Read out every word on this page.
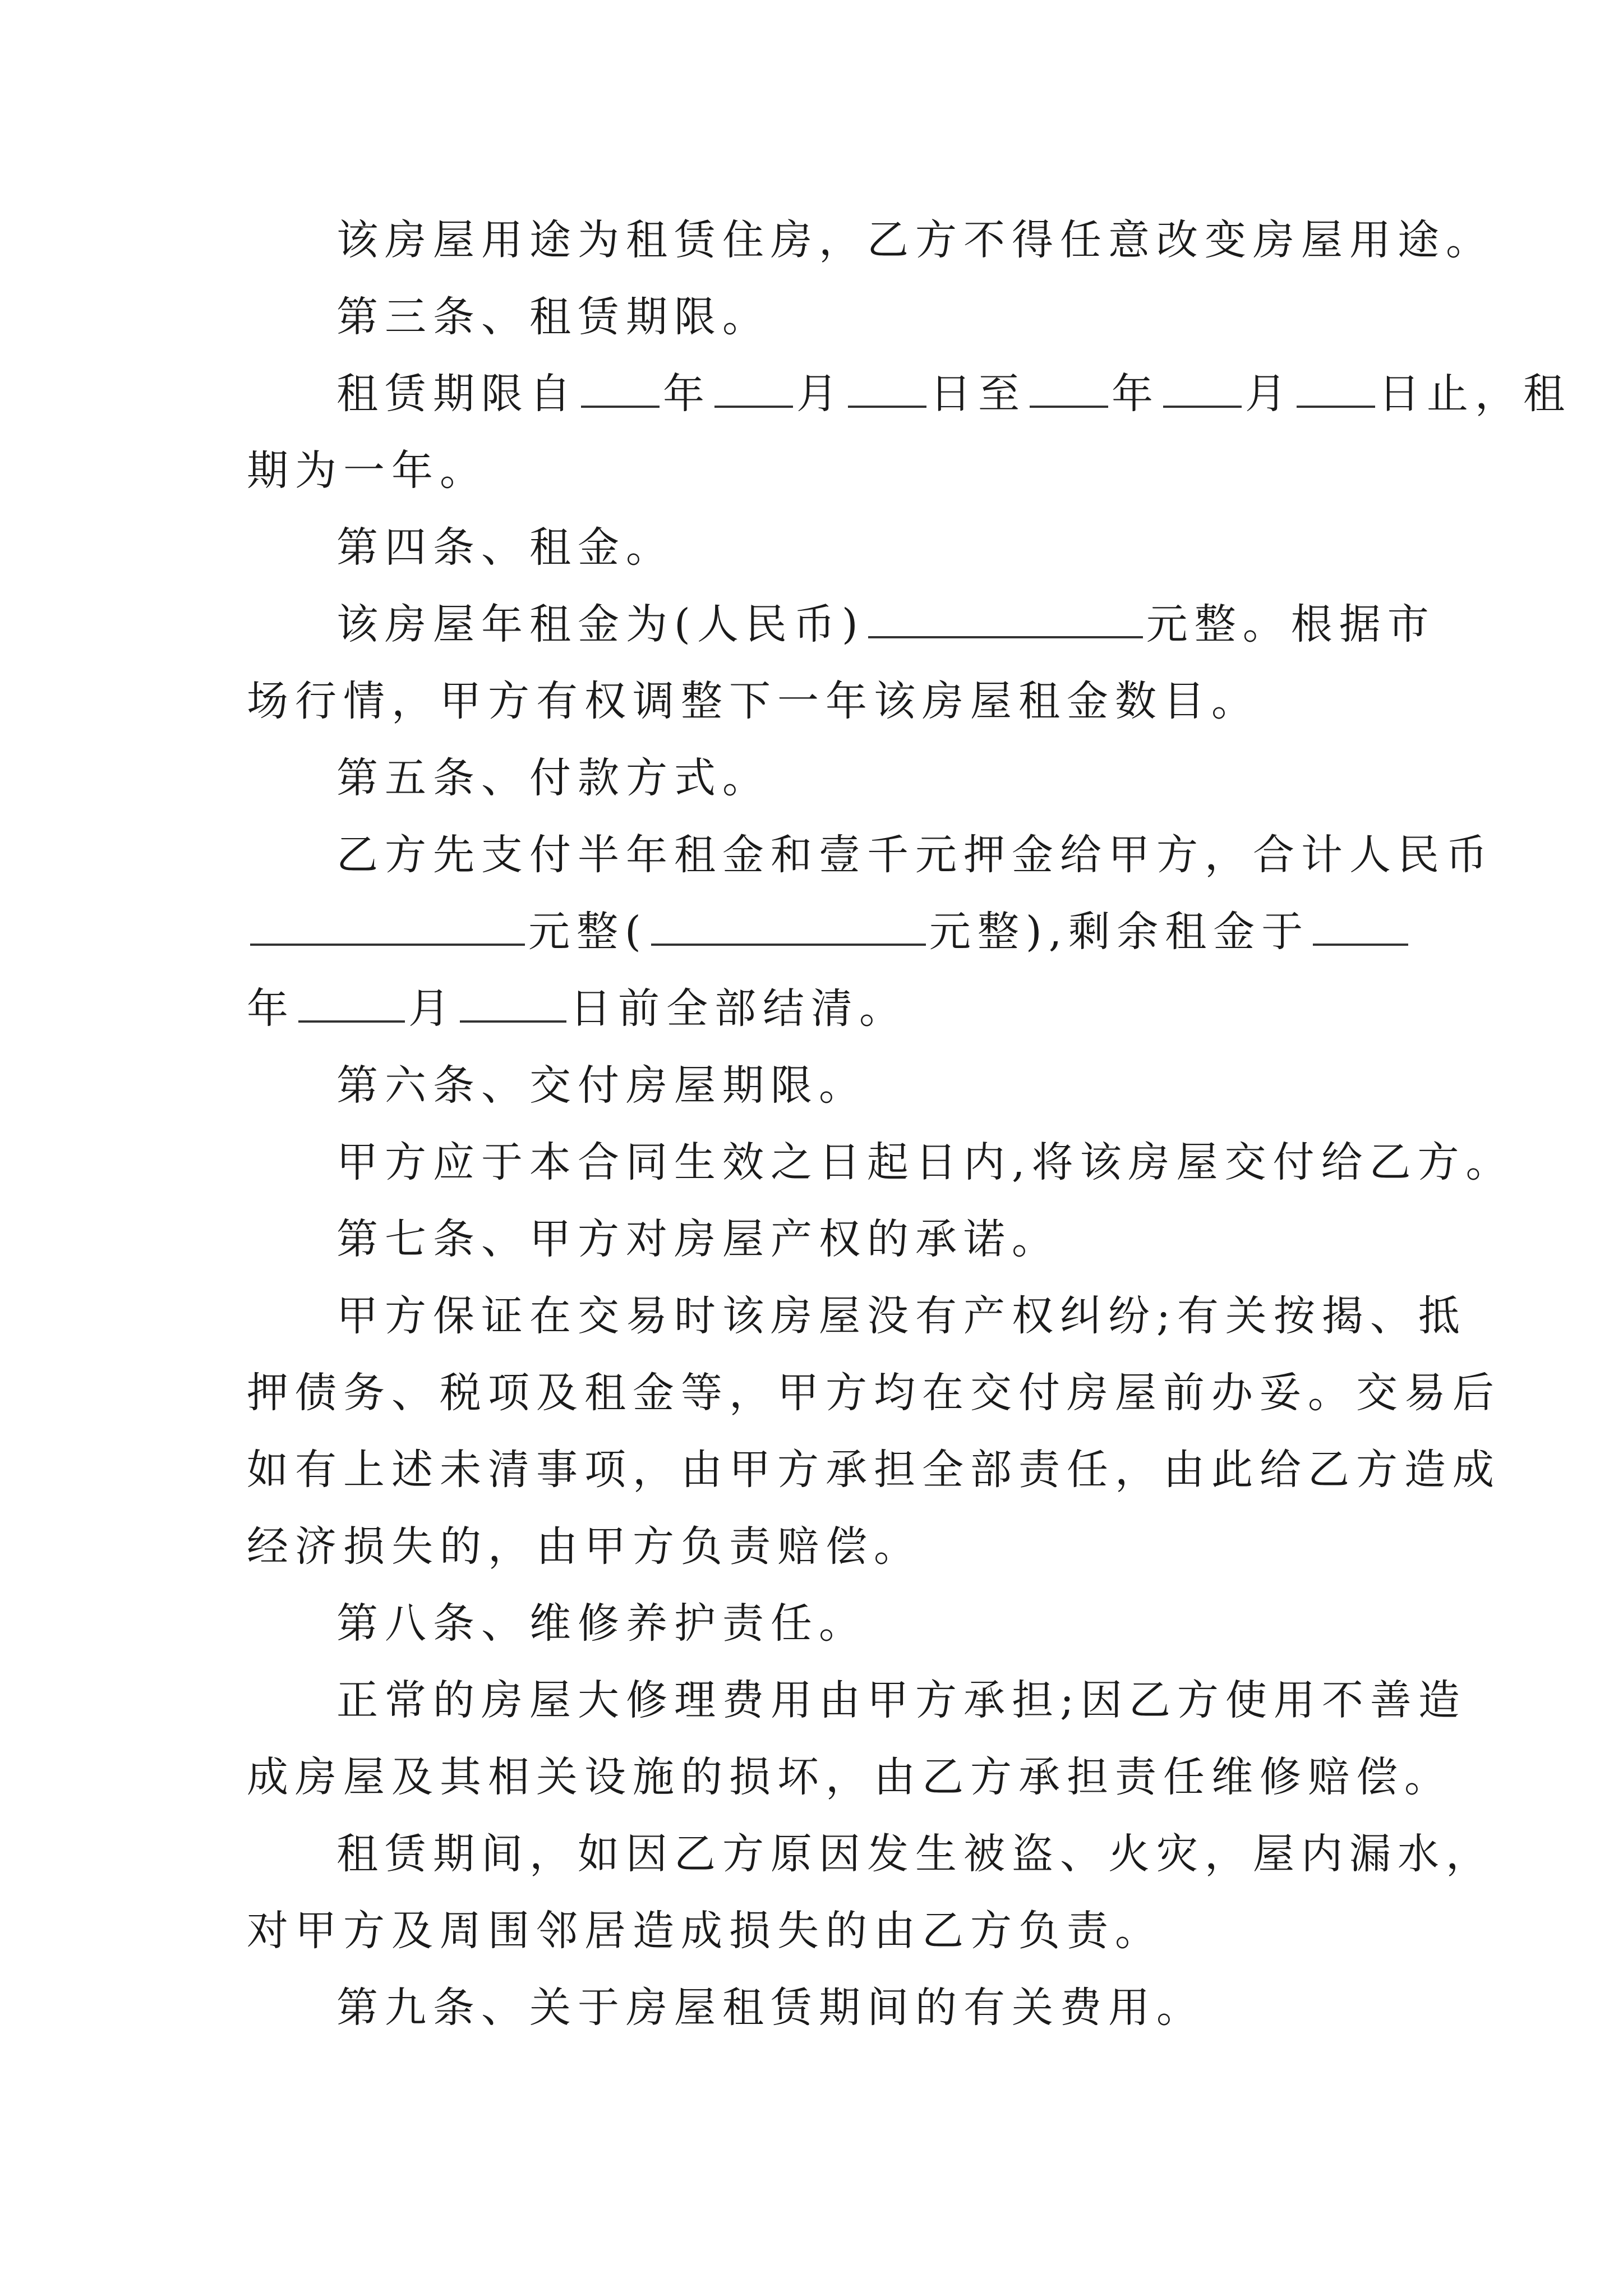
该房屋用途为租赁住房，乙方不得任意改变房屋用途。

第三条、租赁期限。

租赁期限自 年 月 日至 年 月 日止，租

期为一年。

第四条、租金。

该房屋年租金为(人民币)	元整。根据市

场行情，甲方有权调整下一年该房屋租金数目。

第五条、付款方式。

乙方先支付半年租金和壹千元押金给甲方，合计人民币

元整(	元整),剩余租金于

年	月	日前全部结清。

第六条、交付房屋期限。

甲方应于本合同生效之日起日内,将该房屋交付给乙方。

第七条、甲方对房屋产权的承诺。

甲方保证在交易时该房屋没有产权纠纷;有关按揭、抵

押债务、税项及租金等，甲方均在交付房屋前办妥。交易后

如有上述未清事项，由甲方承担全部责任，由此给乙方造成

经济损失的，由甲方负责赔偿。

第八条、维修养护责任。

正常的房屋大修理费用由甲方承担;因乙方使用不善造

成房屋及其相关设施的损坏，由乙方承担责任维修赔偿。

租赁期间，如因乙方原因发生被盗、火灾，屋内漏水，

对甲方及周围邻居造成损失的由乙方负责。

第九条、关于房屋租赁期间的有关费用。
